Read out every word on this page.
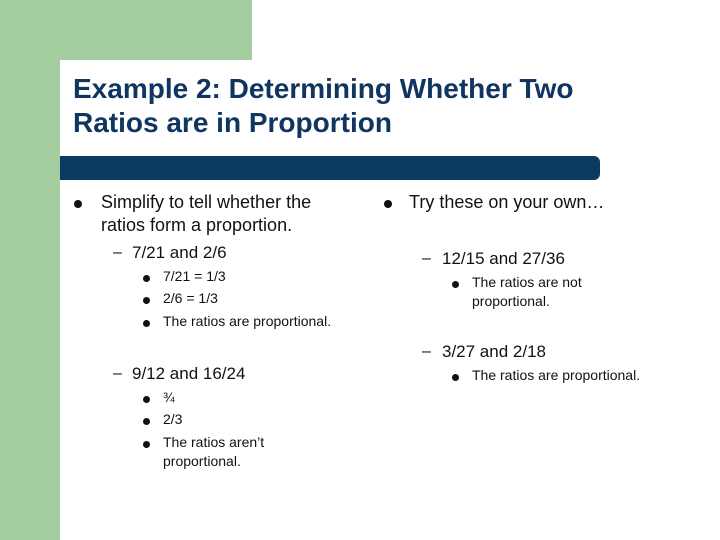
Example 2: Determining Whether Two
Ratios are in Proportion

Simplify to tell whether the
ratios form a proportion.

– 7/21 and 2/6

7/21 = 1/3

2/6 = 1/3

The ratios are proportional.

– 9/12 and 16/24

¾

2/3

The ratios aren’t
proportional.

Try these on your own…

– 12/15 and 27/36

The ratios are not
proportional.

– 3/27 and 2/18

The ratios are proportional.
